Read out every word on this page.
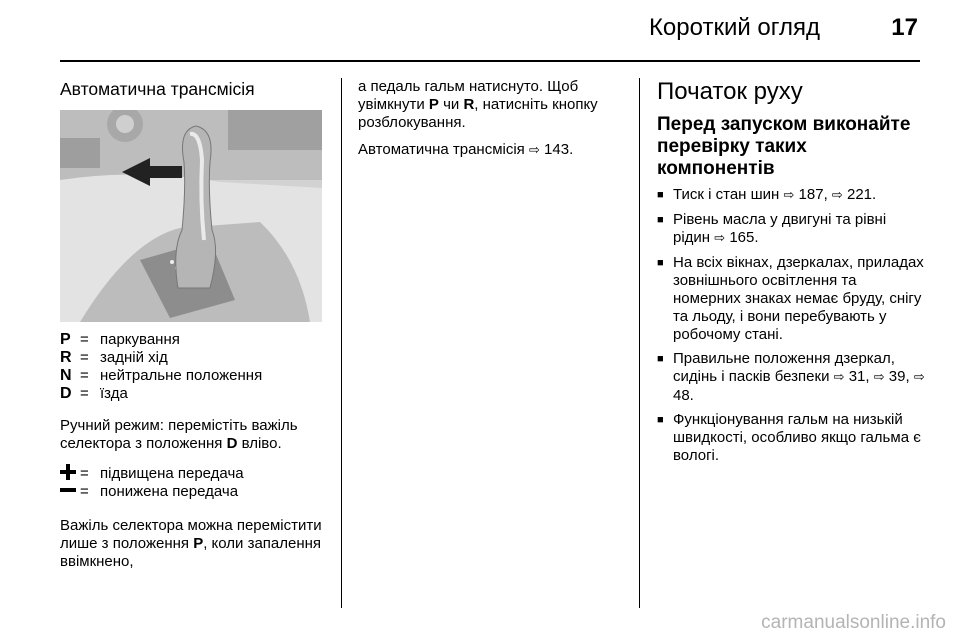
Короткий огляд	17
Автоматична трансмісія
P = паркування
R = задній хід
N = нейтральне положення
D = їзда

Ручний режим: перемістіть важіль селектора з положення D вліво.

= підвищена передача
= понижена передача

Важіль селектора можна перемістити лише з положення P, коли запалення ввімкнено,

а педаль гальм натиснуто. Щоб увімкнути P чи R, натисніть кнопку розблокування.

Автоматична трансмісія ⇨ 143.

Початок руху
Перед запуском виконайте перевірку таких компонентів
■ Тиск і стан шин ⇨ 187, ⇨ 221.
■ Рівень масла у двигуні та рівні рідин ⇨ 165.
■ На всіх вікнах, дзеркалах, приладах зовнішнього освітлення та номерних знаках немає бруду, снігу та льоду, і вони перебувають у робочому стані.
■ Правильне положення дзеркал, сидінь і пасків безпеки ⇨ 31, ⇨ 39, ⇨ 48.
■ Функціонування гальм на низькій швидкості, особливо якщо гальма є вологі.
carmanualsonline.info
